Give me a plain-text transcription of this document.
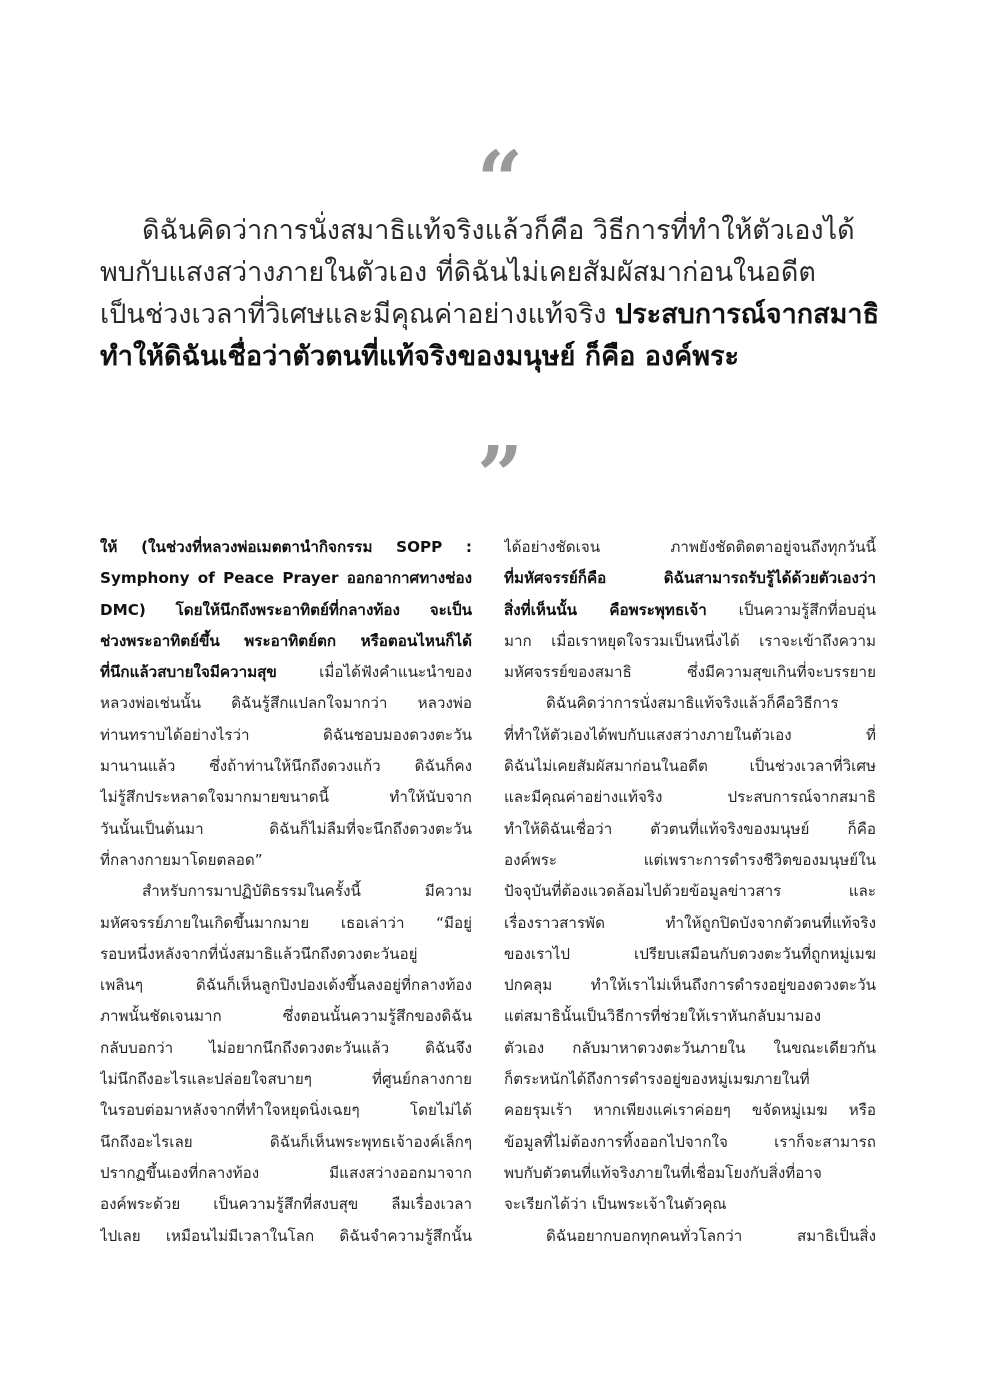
“
ดิฉันคิดว่าการนั่งสมาธิแท้จริงแล้วก็คือ วิธีการที่ทำให้ตัวเองได้
พบกับแสงสว่างภายในตัวเอง ที่ดิฉันไม่เคยสัมผัสมาก่อนในอดีต
เป็นช่วงเวลาที่วิเศษและมีคุณค่าอย่างแท้จริง ประสบการณ์จากสมาธิ
ทำให้ดิฉันเชื่อว่าตัวตนที่แท้จริงของมนุษย์ ก็คือ องค์พระ
”
ให้ (ในช่วงที่หลวงพ่อเมตตานำกิจกรรม SOPP :
Symphony of Peace Prayer ออกอากาศทางช่อง
DMC) โดยให้นึกถึงพระอาทิตย์ที่กลางท้อง จะเป็น
ช่วงพระอาทิตย์ขึ้น พระอาทิตย์ตก หรือตอนไหนก็ได้
ที่นึกแล้วสบายใจมีความสุข เมื่อได้ฟังคำแนะนำของ
หลวงพ่อเช่นนั้น ดิฉันรู้สึกแปลกใจมากว่า หลวงพ่อ
ท่านทราบได้อย่างไรว่า ดิฉันชอบมองดวงตะวัน
มานานแล้ว ซึ่งถ้าท่านให้นึกถึงดวงแก้ว ดิฉันก็คง
ไม่รู้สึกประหลาดใจมากมายขนาดนี้ ทำให้นับจาก
วันนั้นเป็นต้นมา ดิฉันก็ไม่ลืมที่จะนึกถึงดวงตะวัน
ที่กลางกายมาโดยตลอด”
สำหรับการมาปฏิบัติธรรมในครั้งนี้ มีความ
มหัศจรรย์ภายในเกิดขึ้นมากมาย เธอเล่าว่า “มีอยู่
รอบหนึ่งหลังจากที่นั่งสมาธิแล้วนึกถึงดวงตะวันอยู่
เพลินๆ ดิฉันก็เห็นลูกปิงปองเด้งขึ้นลงอยู่ที่กลางท้อง
ภาพนั้นชัดเจนมาก ซึ่งตอนนั้นความรู้สึกของดิฉัน
กลับบอกว่า ไม่อยากนึกถึงดวงตะวันแล้ว ดิฉันจึง
ไม่นึกถึงอะไรและปล่อยใจสบายๆ ที่ศูนย์กลางกาย
ในรอบต่อมาหลังจากที่ทำใจหยุดนิ่งเฉยๆ โดยไม่ได้
นึกถึงอะไรเลย ดิฉันก็เห็นพระพุทธเจ้าองค์เล็กๆ
ปรากฏขึ้นเองที่กลางท้อง มีแสงสว่างออกมาจาก
องค์พระด้วย เป็นความรู้สึกที่สงบสุข ลืมเรื่องเวลา
ไปเลย เหมือนไม่มีเวลาในโลก ดิฉันจำความรู้สึกนั้น
ได้อย่างชัดเจน ภาพยังชัดติดตาอยู่จนถึงทุกวันนี้
ที่มหัศจรรย์ก็คือ ดิฉันสามารถรับรู้ได้ด้วยตัวเองว่า
สิ่งที่เห็นนั้น คือพระพุทธเจ้า เป็นความรู้สึกที่อบอุ่น
มาก เมื่อเราหยุดใจรวมเป็นหนึ่งได้ เราจะเข้าถึงความ
มหัศจรรย์ของสมาธิ ซึ่งมีความสุขเกินที่จะบรรยาย
ดิฉันคิดว่าการนั่งสมาธิแท้จริงแล้วก็คือวิธีการ
ที่ทำให้ตัวเองได้พบกับแสงสว่างภายในตัวเอง ที่
ดิฉันไม่เคยสัมผัสมาก่อนในอดีต เป็นช่วงเวลาที่วิเศษ
และมีคุณค่าอย่างแท้จริง ประสบการณ์จากสมาธิ
ทำให้ดิฉันเชื่อว่า ตัวตนที่แท้จริงของมนุษย์ ก็คือ
องค์พระ แต่เพราะการดำรงชีวิตของมนุษย์ใน
ปัจจุบันที่ต้องแวดล้อมไปด้วยข้อมูลข่าวสาร และ
เรื่องราวสารพัด ทำให้ถูกปิดบังจากตัวตนที่แท้จริง
ของเราไป เปรียบเสมือนกับดวงตะวันที่ถูกหมู่เมฆ
ปกคลุม ทำให้เราไม่เห็นถึงการดำรงอยู่ของดวงตะวัน
แต่สมาธินั้นเป็นวิธีการที่ช่วยให้เราหันกลับมามอง
ตัวเอง กลับมาหาดวงตะวันภายใน ในขณะเดียวกัน
ก็ตระหนักได้ถึงการดำรงอยู่ของหมู่เมฆภายในที่
คอยรุมเร้า หากเพียงแค่เราค่อยๆ ขจัดหมู่เมฆ หรือ
ข้อมูลที่ไม่ต้องการทิ้งออกไปจากใจ เราก็จะสามารถ
พบกับตัวตนที่แท้จริงภายในที่เชื่อมโยงกับสิ่งที่อาจ
จะเรียกได้ว่า เป็นพระเจ้าในตัวคุณ
ดิฉันอยากบอกทุกคนทั่วโลกว่า สมาธิเป็นสิ่ง
